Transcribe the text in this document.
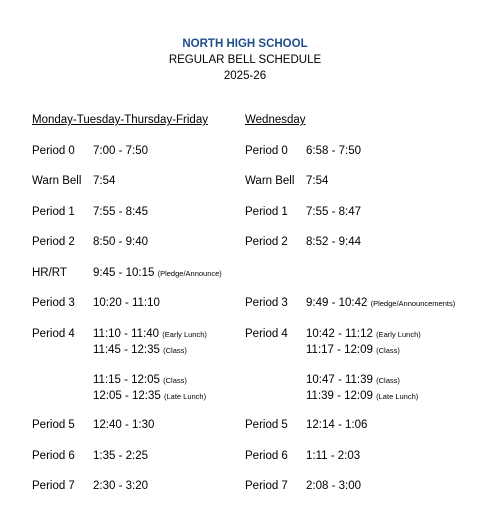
NORTH HIGH SCHOOL
REGULAR BELL SCHEDULE
2025-26
Monday-Tuesday-Thursday-Friday
Period 0 7:00 - 7:50
Warn Bell 7:54
Period 1 7:55 - 8:45
Period 2 8:50 - 9:40
HR/RT 9:45 - 10:15 (Pledge/Announce)
Period 3 10:20 - 11:10
Period 4 11:10 - 11:40 (Early Lunch)
11:45 - 12:35 (Class)
11:15 - 12:05 (Class)
12:05 - 12:35 (Late Lunch)
Period 5 12:40 - 1:30
Period 6 1:35 - 2:25
Period 7 2:30 - 3:20
Wednesday
Period 0 6:58 - 7:50
Warn Bell 7:54
Period 1 7:55 - 8:47
Period 2 8:52 - 9:44
Period 3 9:49 - 10:42 (Pledge/Announcements)
Period 4 10:42 - 11:12 (Early Lunch)
11:17 - 12:09 (Class)
10:47 - 11:39 (Class)
11:39 - 12:09 (Late Lunch)
Period 5 12:14 - 1:06
Period 6 1:11 - 2:03
Period 7 2:08 - 3:00
